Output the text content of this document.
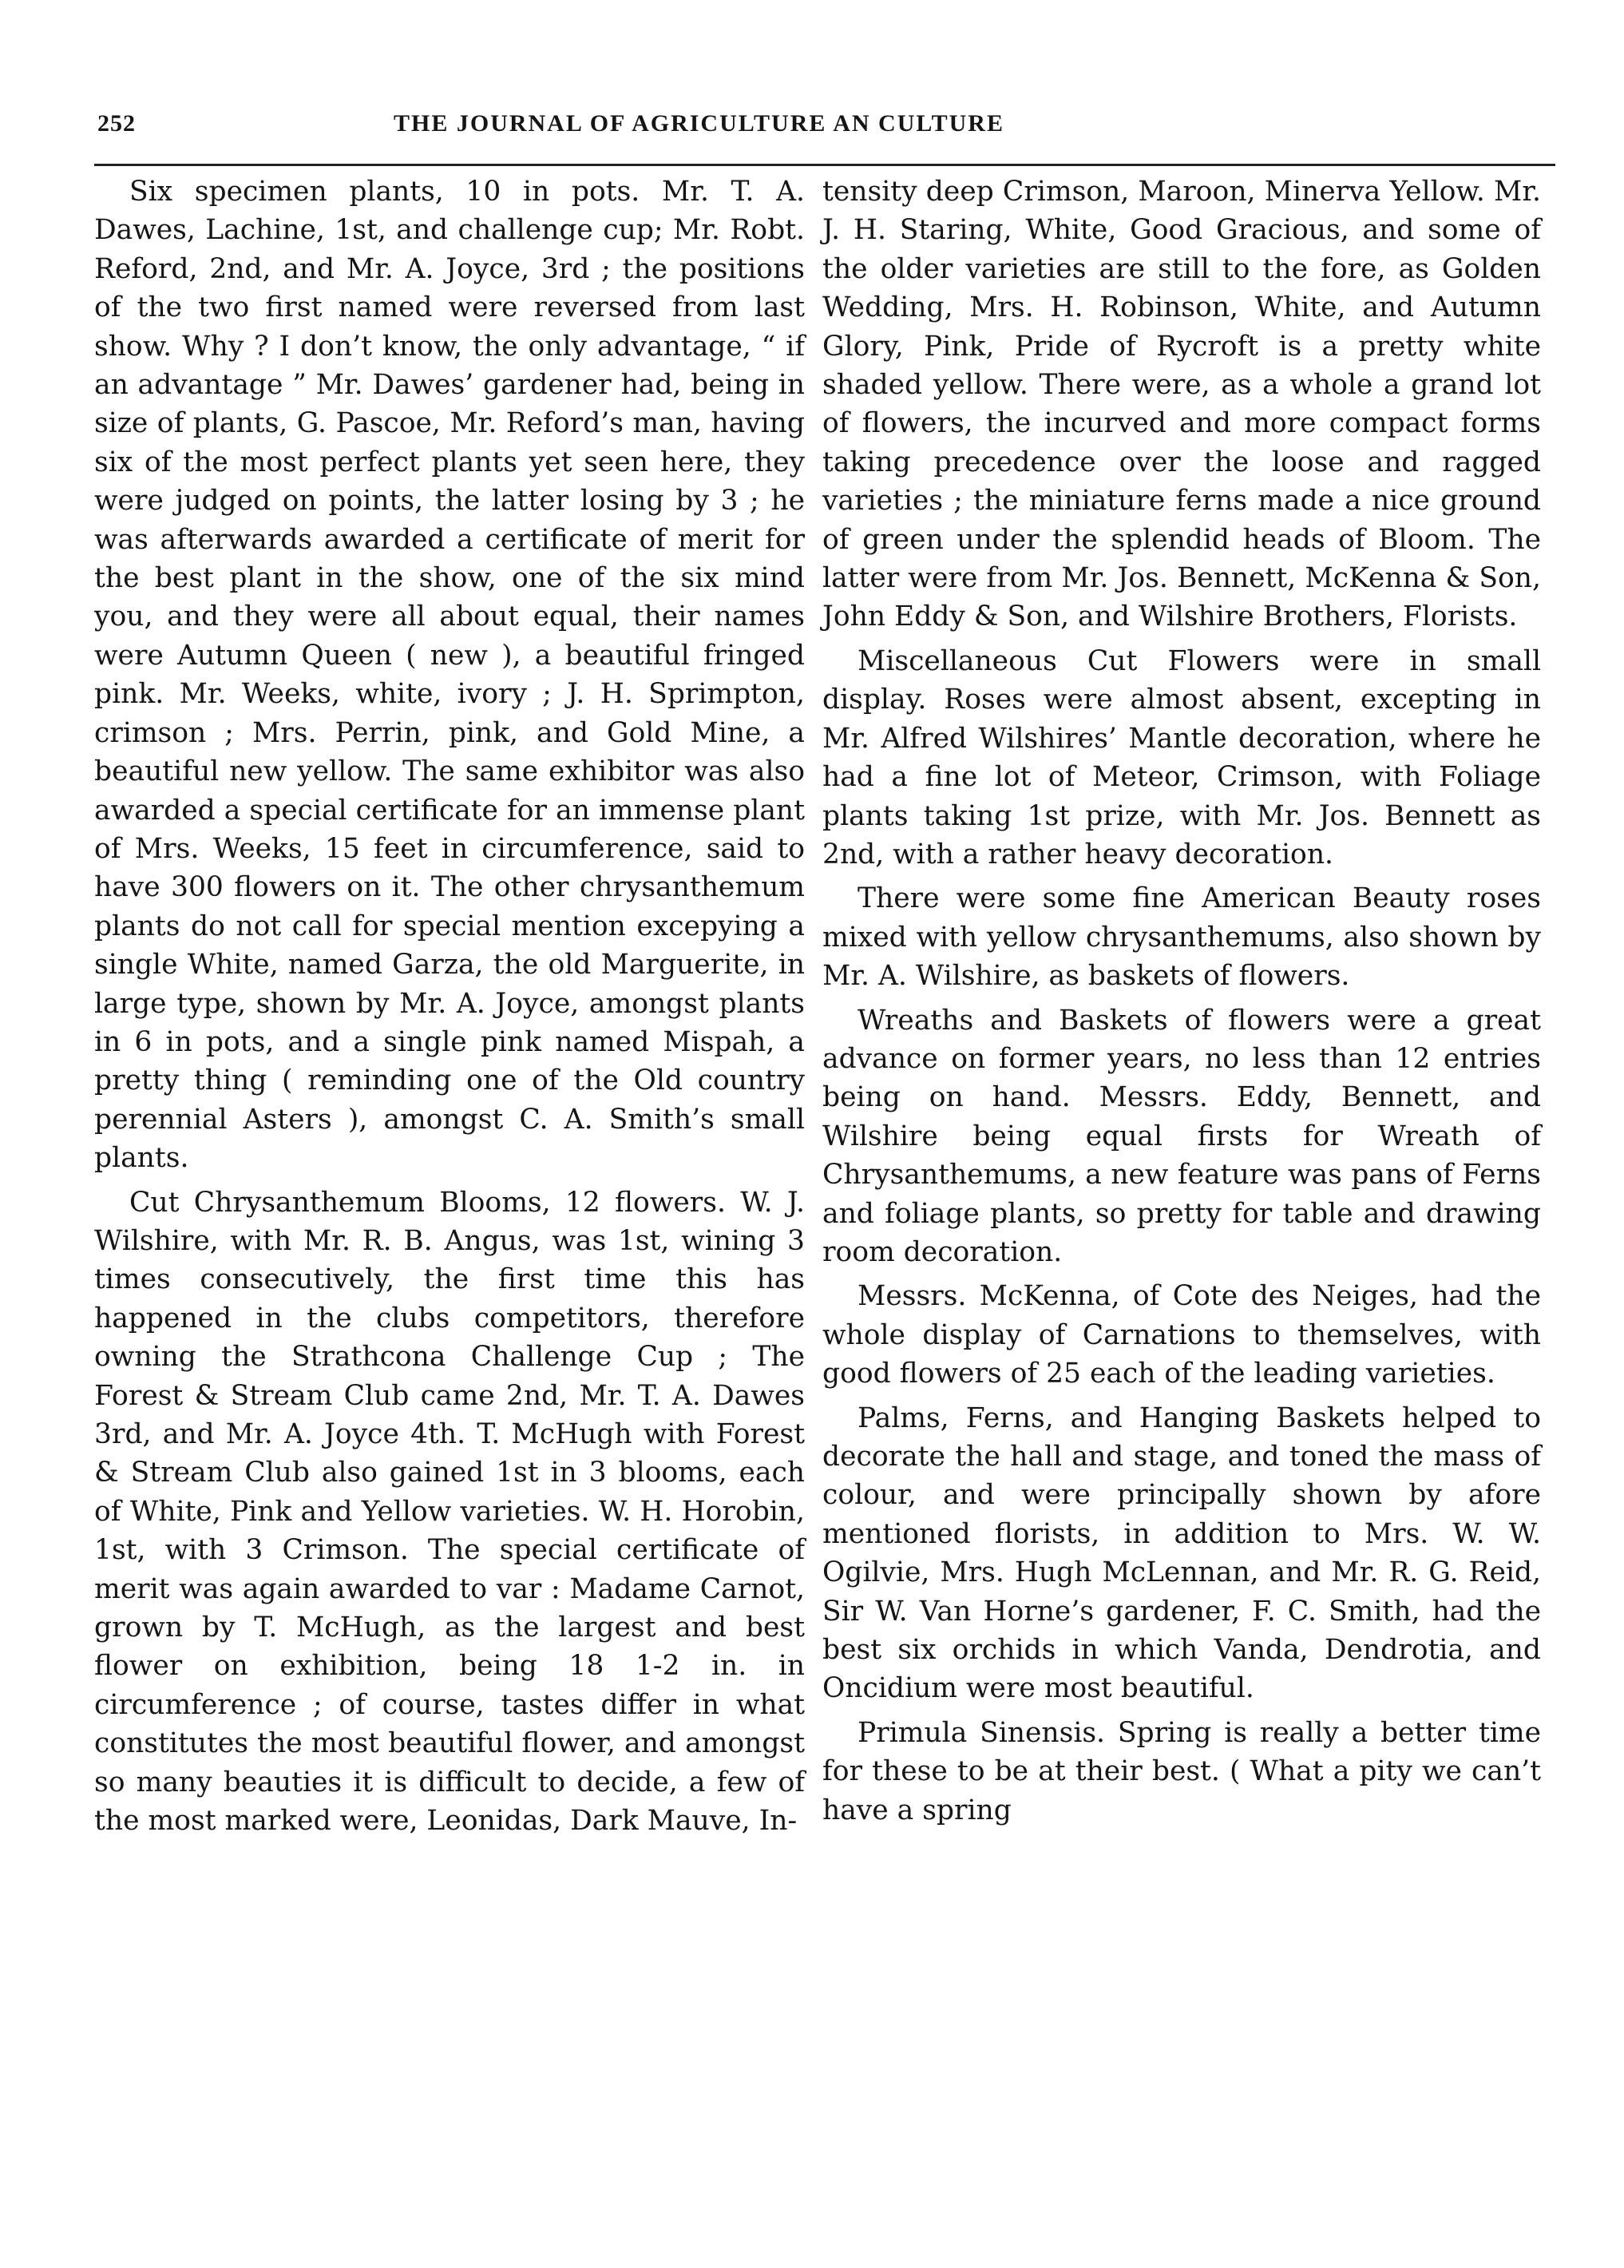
252	THE JOURNAL OF AGRICULTURE AN CULTURE

Six specimen plants, 10 in pots. Mr. T. A. Dawes, Lachine, 1st, and challenge cup; Mr. Robt. Reford, 2nd, and Mr. A. Joyce, 3rd ; the positions of the two first named were reversed from last show. Why ? I don’t know, the only advantage, “ if an advantage ” Mr. Dawes’ gardener had, being in size of plants, G. Pascoe, Mr. Reford’s man, having six of the most perfect plants yet seen here, they were judged on points, the latter losing by 3 ; he was afterwards awarded a certificate of merit for the best plant in the show, one of the six mind you, and they were all about equal, their names were Autumn Queen ( new ), a beautiful fringed pink. Mr. Weeks, white, ivory ; J. H. Sprimpton, crimson ; Mrs. Perrin, pink, and Gold Mine, a beautiful new yellow. The same exhibitor was also awarded a special certificate for an immense plant of Mrs. Weeks, 15 feet in circumference, said to have 300 flowers on it. The other chrysanthemum plants do not call for special mention excepying a single White, named Garza, the old Marguerite, in large type, shown by Mr. A. Joyce, amongst plants in 6 in pots, and a single pink named Mispah, a pretty thing ( reminding one of the Old country perennial Asters ), amongst C. A. Smith’s small plants.

Cut Chrysanthemum Blooms, 12 flowers. W. J. Wilshire, with Mr. R. B. Angus, was 1st, wining 3 times consecutively, the first time this has happened in the clubs competitors, therefore owning the Strathcona Challenge Cup ; The Forest & Stream Club came 2nd, Mr. T. A. Dawes 3rd, and Mr. A. Joyce 4th. T. McHugh with Forest & Stream Club also gained 1st in 3 blooms, each of White, Pink and Yellow varieties. W. H. Horobin, 1st, with 3 Crimson. The special certificate of merit was again awarded to var : Madame Carnot, grown by T. McHugh, as the largest and best flower on exhibition, being 18 1-2 in. in circumference ; of course, tastes differ in what constitutes the most beautiful flower, and amongst so many beauties it is difficult to decide, a few of the most marked were, Leonidas, Dark Mauve, In-

tensity deep Crimson, Maroon, Minerva Yellow. Mr. J. H. Staring, White, Good Gracious, and some of the older varieties are still to the fore, as Golden Wedding, Mrs. H. Robinson, White, and Autumn Glory, Pink, Pride of Rycroft is a pretty white shaded yellow. There were, as a whole a grand lot of flowers, the incurved and more compact forms taking precedence over the loose and ragged varieties ; the miniature ferns made a nice ground of green under the splendid heads of Bloom. The latter were from Mr. Jos. Bennett, McKenna & Son, John Eddy & Son, and Wilshire Brothers, Florists.

Miscellaneous Cut Flowers were in small display. Roses were almost absent, excepting in Mr. Alfred Wilshires’ Mantle decoration, where he had a fine lot of Meteor, Crimson, with Foliage plants taking 1st prize, with Mr. Jos. Bennett as 2nd, with a rather heavy decoration.

There were some fine American Beauty roses mixed with yellow chrysanthemums, also shown by Mr. A. Wilshire, as baskets of flowers.

Wreaths and Baskets of flowers were a great advance on former years, no less than 12 entries being on hand. Messrs. Eddy, Bennett, and Wilshire being equal firsts for Wreath of Chrysanthemums, a new feature was pans of Ferns and foliage plants, so pretty for table and drawing room decoration.

Messrs. McKenna, of Cote des Neiges, had the whole display of Carnations to themselves, with good flowers of 25 each of the leading varieties.

Palms, Ferns, and Hanging Baskets helped to decorate the hall and stage, and toned the mass of colour, and were principally shown by afore mentioned florists, in addition to Mrs. W. W. Ogilvie, Mrs. Hugh McLennan, and Mr. R. G. Reid, Sir W. Van Horne’s gardener, F. C. Smith, had the best six orchids in which Vanda, Dendrotia, and Oncidium were most beautiful.

Primula Sinensis. Spring is really a better time for these to be at their best. ( What a pity we can’t have a spring
